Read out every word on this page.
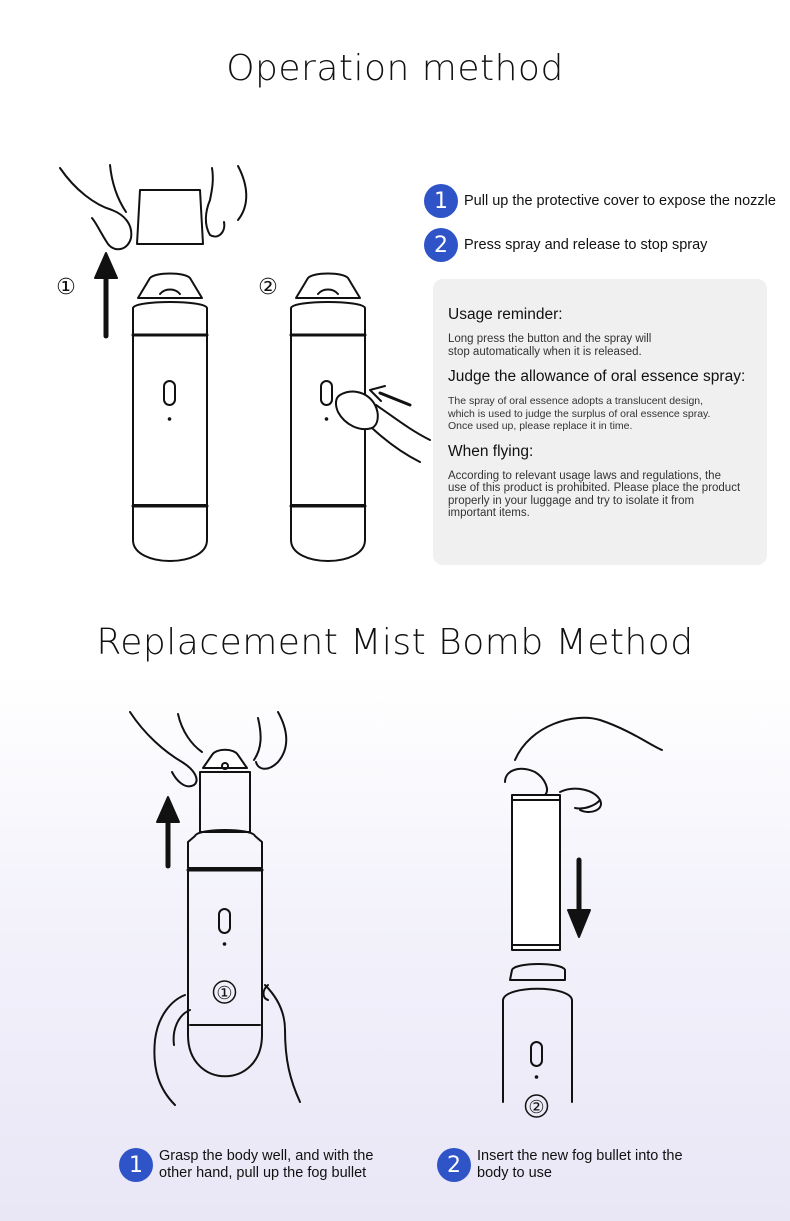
Operation method
①	②
①
②
1	Pull up the protective cover to expose the nozzle
2	Press spray and release to stop spray

Usage reminder:

Long press the button and the spray will
stop automatically when it is released.

Judge the allowance of oral essence spray:

The spray of oral essence adopts a translucent design,
which is used to judge the surplus of oral essence spray.
Once used up, please replace it in time.

When flying:

According to relevant usage laws and regulations, the
use of this product is prohibited. Please place the product
properly in your luggage and try to isolate it from
important items.
Replacement Mist Bomb Method
1	Grasp the body well, and with the
other hand, pull up the fog bullet	2	Insert the new fog bullet into the
body to use
